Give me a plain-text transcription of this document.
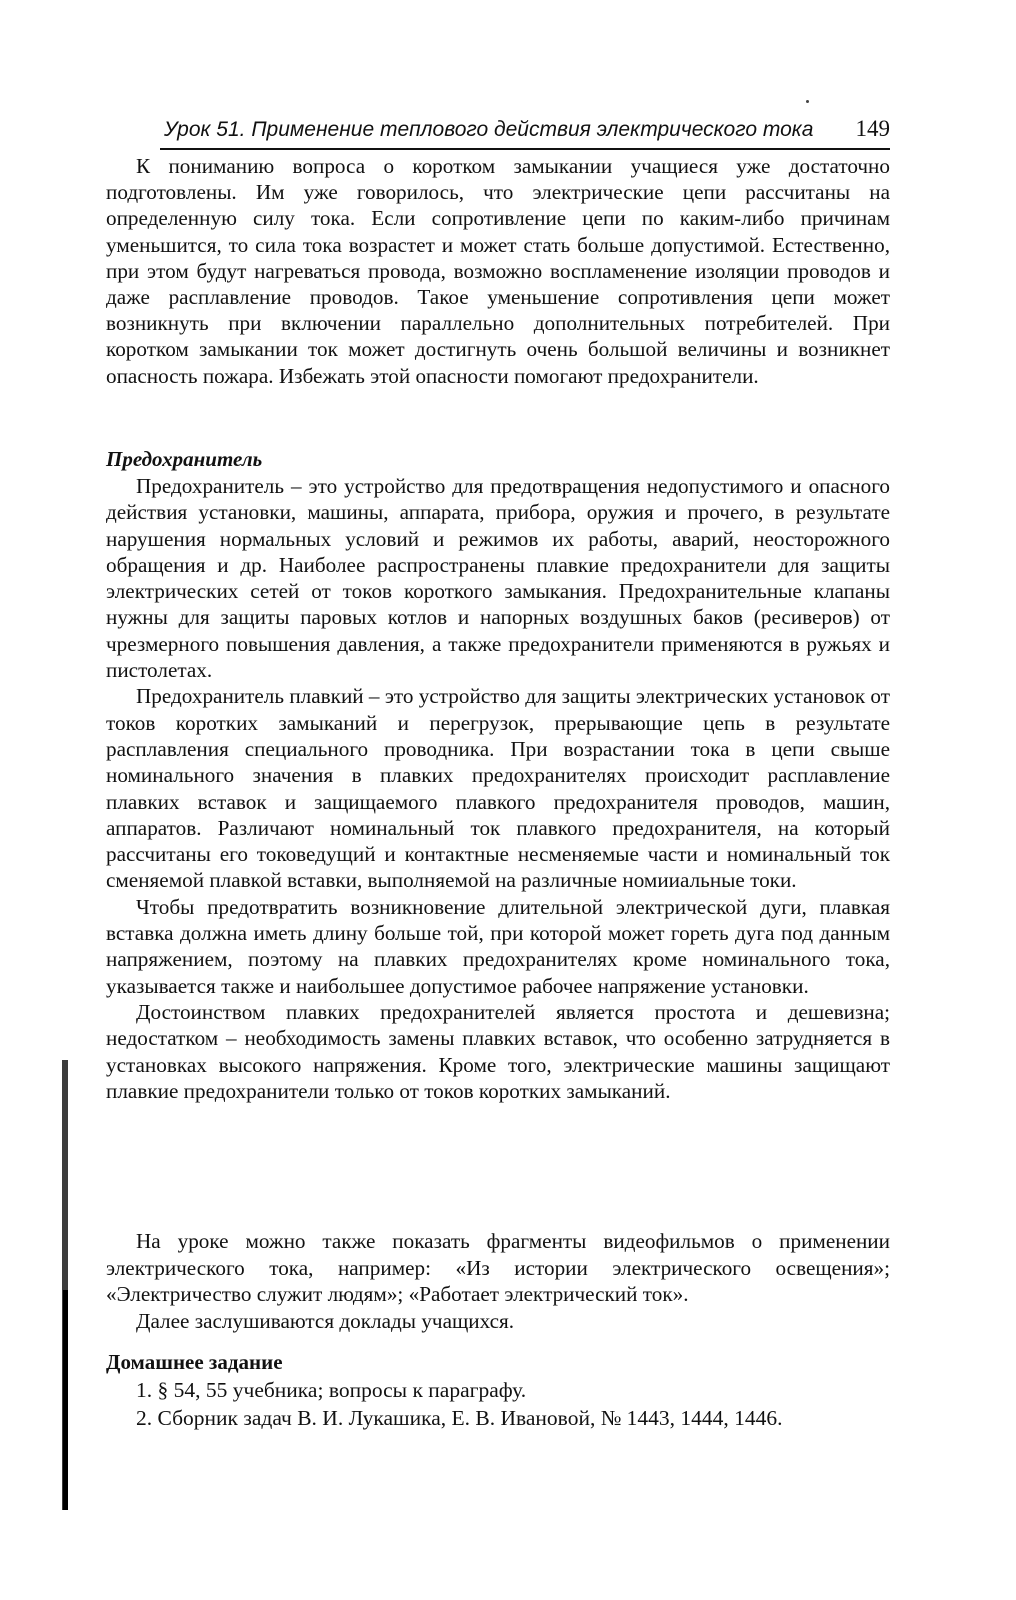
Урок 51. Применение теплового действия электрического тока 149

К пониманию вопроса о коротком замыкании учащиеся уже достаточно подготовлены. Им уже говорилось, что электрические цепи рассчитаны на определенную силу тока. Если сопротивление цепи по каким-либо причинам уменьшится, то сила тока возрастет и может стать больше допустимой. Естественно, при этом будут нагреваться провода, возможно воспламенение изоляции проводов и даже расплавление проводов. Такое уменьшение сопротивления цепи может возникнуть при включении параллельно дополнительных потребителей. При коротком замыкании ток может достигнуть очень большой величины и возникнет опасность пожара. Избежать этой опасности помогают предохранители.

Предохранитель

Предохранитель – это устройство для предотвращения недопустимого и опасного действия установки, машины, аппарата, прибора, оружия и прочего, в результате нарушения нормальных условий и режимов их работы, аварий, неосторожного обращения и др. Наиболее распространены плавкие предохранители для защиты электрических сетей от токов короткого замыкания. Предохранительные клапаны нужны для защиты паровых котлов и напорных воздушных баков (ресиверов) от чрезмерного повышения давления, а также предохранители применяются в ружьях и пистолетах.

Предохранитель плавкий – это устройство для защиты электрических установок от токов коротких замыканий и перегрузок, прерывающие цепь в результате расплавления специального проводника. При возрастании тока в цепи свыше номинального значения в плавких предохранителях происходит расплавление плавких вставок и защищаемого плавкого предохранителя проводов, машин, аппаратов. Различают номинальный ток плавкого предохранителя, на который рассчитаны его токоведущий и контактные несменяемые части и номинальный ток сменяемой плавкой вставки, выполняемой на различные номииальные токи.

Чтобы предотвратить возникновение длительной электрической дуги, плавкая вставка должна иметь длину больше той, при которой может гореть дуга под данным напряжением, поэтому на плавких предохранителях кроме номинального тока, указывается также и наибольшее допустимое рабочее напряжение установки.

Достоинством плавких предохранителей является простота и дешевизна; недостатком – необходимость замены плавких вставок, что особенно затрудняется в установках высокого напряжения. Кроме того, электрические машины защищают плавкие предохранители только от токов коротких замыканий.

На уроке можно также показать фрагменты видеофильмов о применении электрического тока, например: «Из истории электрического освещения»; «Электричество служит людям»; «Работает электрический ток».

Далее заслушиваются доклады учащихся.

Домашнее задание
1. § 54, 55 учебника; вопросы к параграфу.
2. Сборник задач В. И. Лукашика, Е. В. Ивановой, № 1443, 1444, 1446.
